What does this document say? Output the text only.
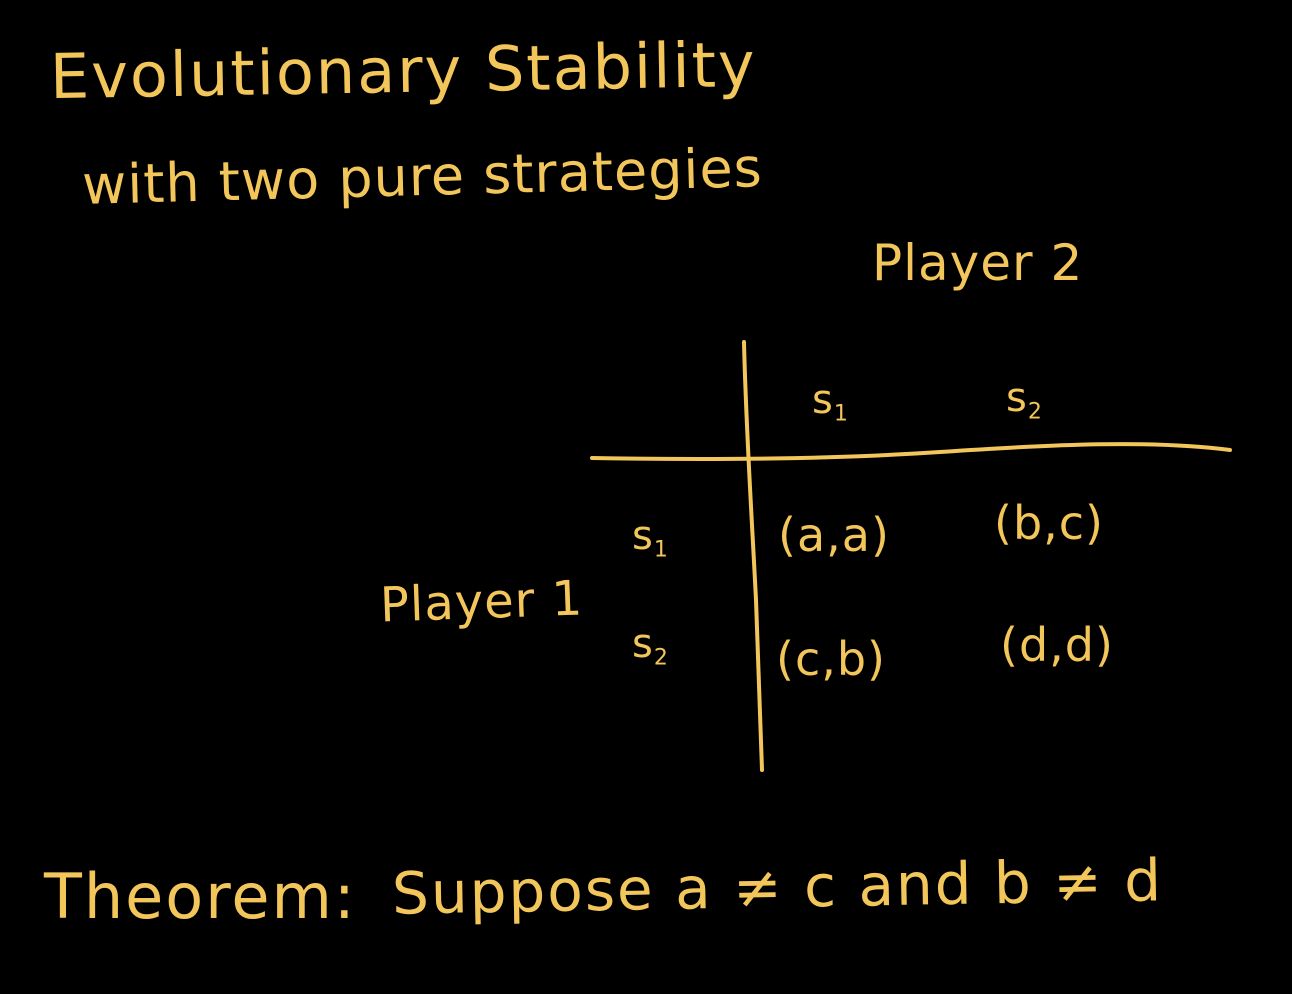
Evolutionary Stability
with two pure strategies
Player 2
Player 1
$s_1$	$s_2$
$s_1$
$s_2$
(a,a) (b,c)
(c,b) (d,d)
Theorem: Suppose a ≠ c and b ≠ d
